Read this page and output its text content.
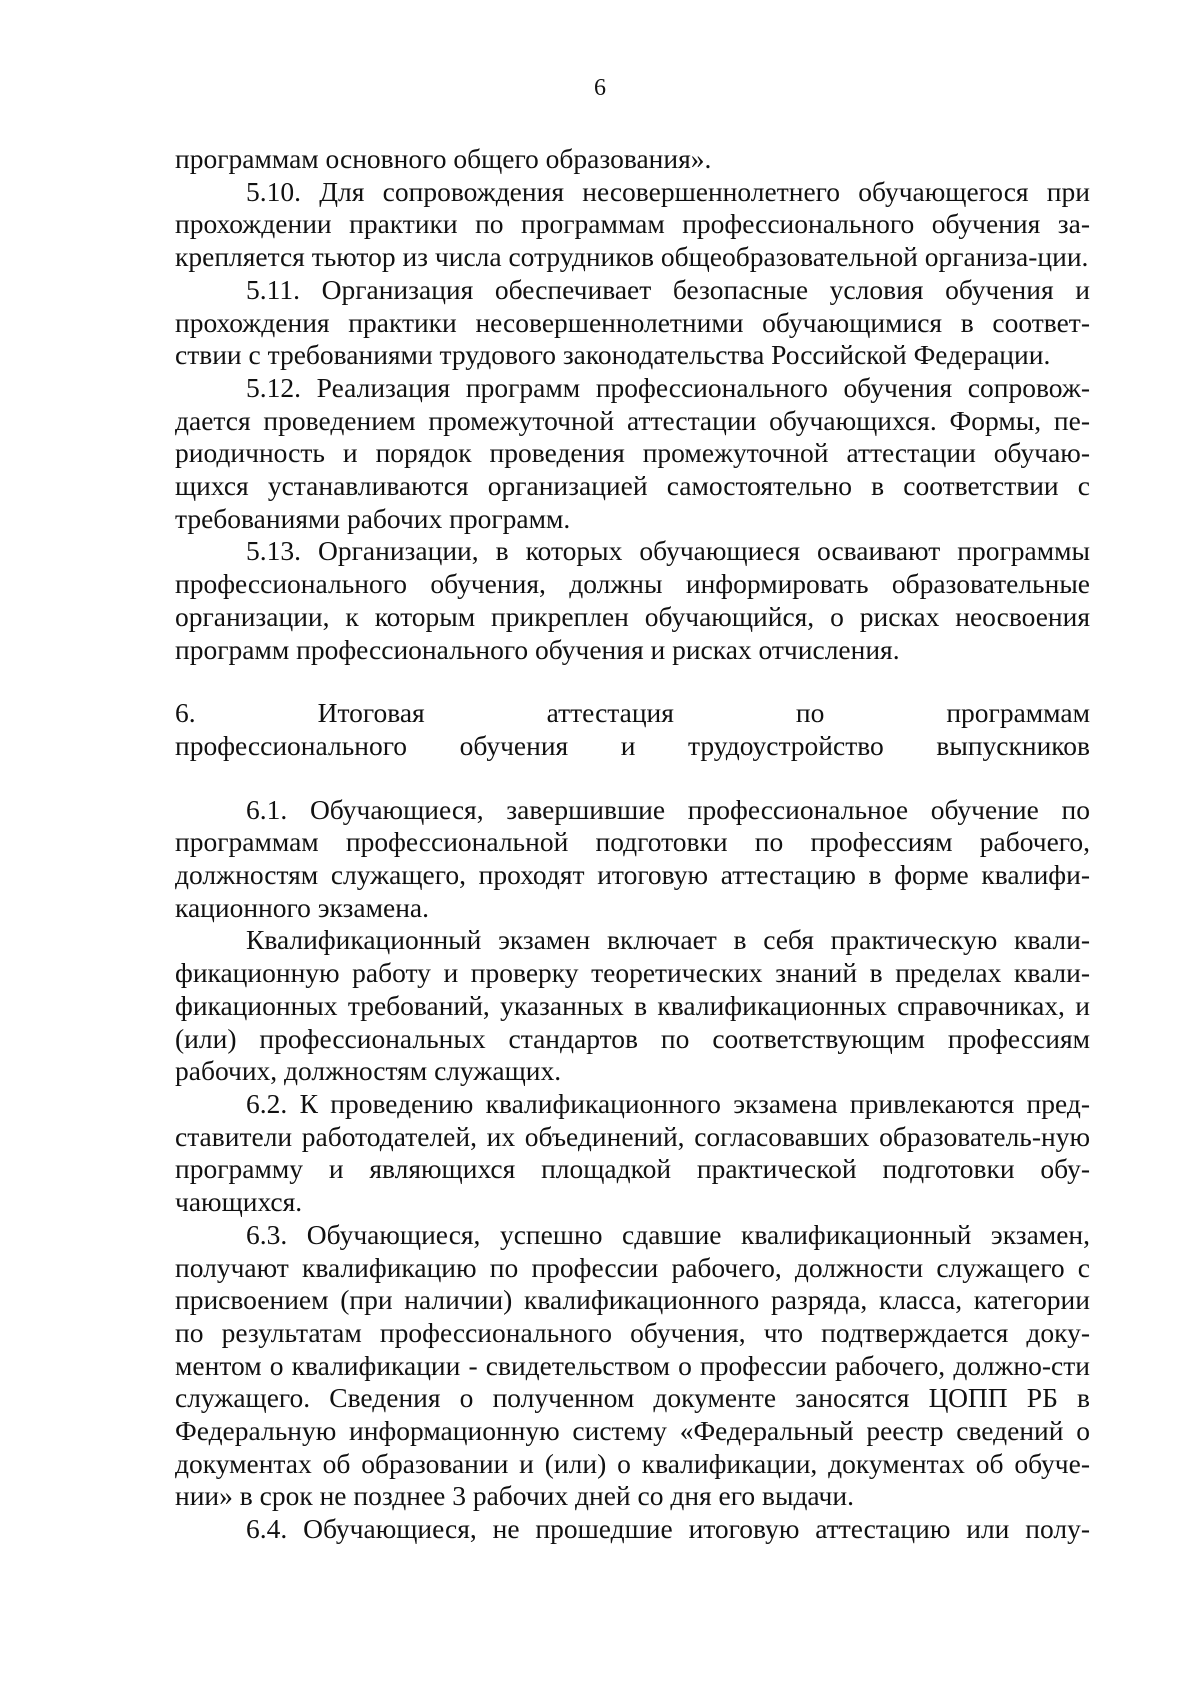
6

программам основного общего образования».

5.10. Для сопровождения несовершеннолетнего обучающегося при прохождении практики по программам профессионального обучения за-крепляется тьютор из числа сотрудников общеобразовательной организа-ции.

5.11. Организация обеспечивает безопасные условия обучения и прохождения практики несовершеннолетними обучающимися в соответ-ствии с требованиями трудового законодательства Российской Федерации.

5.12. Реализация программ профессионального обучения сопровож-дается проведением промежуточной аттестации обучающихся. Формы, пе-риодичность и порядок проведения промежуточной аттестации обучаю-щихся устанавливаются организацией самостоятельно в соответствии с требованиями рабочих программ.

5.13. Организации, в которых обучающиеся осваивают программы профессионального обучения, должны информировать образовательные организации, к которым прикреплен обучающийся, о рисках неосвоения программ профессионального обучения и рисках отчисления.

6. Итоговая аттестация по программам

профессионального обучения и трудоустройство выпускников

6.1. Обучающиеся, завершившие профессиональное обучение по программам профессиональной подготовки по профессиям рабочего, должностям служащего, проходят итоговую аттестацию в форме квалифи-кационного экзамена.

Квалификационный экзамен включает в себя практическую квали-фикационную работу и проверку теоретических знаний в пределах квали-фикационных требований, указанных в квалификационных справочниках, и (или) профессиональных стандартов по соответствующим профессиям рабочих, должностям служащих.

6.2. К проведению квалификационного экзамена привлекаются пред-ставители работодателей, их объединений, согласовавших образователь-ную программу и являющихся площадкой практической подготовки обу-чающихся.

6.3. Обучающиеся, успешно сдавшие квалификационный экзамен, получают квалификацию по профессии рабочего, должности служащего с присвоением (при наличии) квалификационного разряда, класса, категории по результатам профессионального обучения, что подтверждается доку-ментом о квалификации - свидетельством о профессии рабочего, должно-сти служащего. Сведения о полученном документе заносятся ЦОПП РБ в Федеральную информационную систему «Федеральный реестр сведений о документах об образовании и (или) о квалификации, документах об обуче-нии» в срок не позднее 3 рабочих дней со дня его выдачи.

6.4. Обучающиеся, не прошедшие итоговую аттестацию или полу-
